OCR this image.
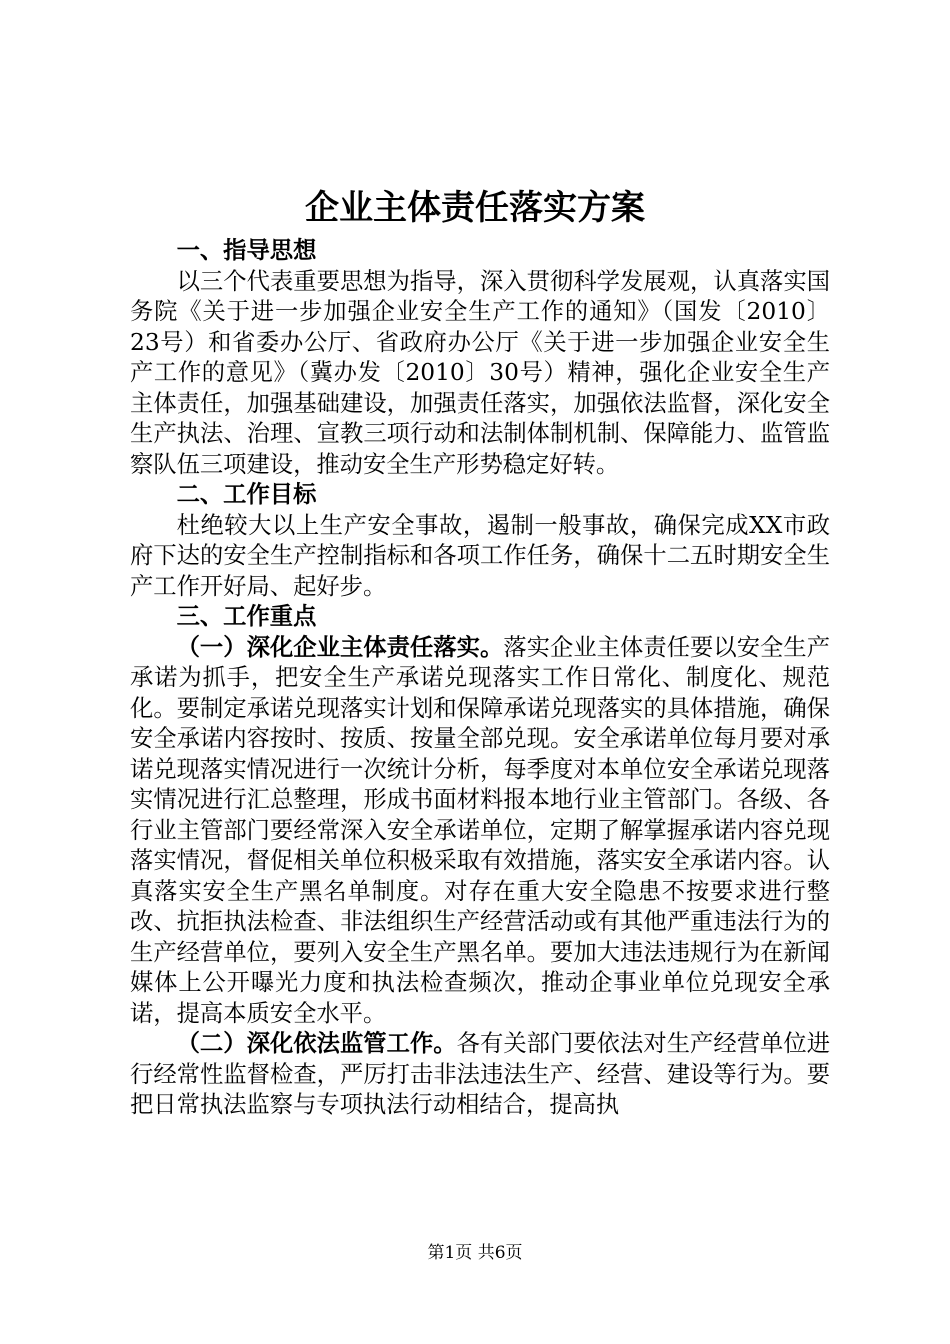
企业主体责任落实方案

一、指导思想

以三个代表重要思想为指导，深入贯彻科学发展观，认真落实国务院《关于进一步加强企业安全生产工作的通知》（国发〔2010〕23号）和省委办公厅、省政府办公厅《关于进一步加强企业安全生产工作的意见》（冀办发〔2010〕30号）精神，强化企业安全生产主体责任，加强基础建设，加强责任落实，加强依法监督，深化安全生产执法、治理、宣教三项行动和法制体制机制、保障能力、监管监察队伍三项建设，推动安全生产形势稳定好转。

二、工作目标

杜绝较大以上生产安全事故，遏制一般事故，确保完成XX市政府下达的安全生产控制指标和各项工作任务，确保十二五时期安全生产工作开好局、起好步。

三、工作重点

（一）深化企业主体责任落实。落实企业主体责任要以安全生产承诺为抓手，把安全生产承诺兑现落实工作日常化、制度化、规范化。要制定承诺兑现落实计划和保障承诺兑现落实的具体措施，确保安全承诺内容按时、按质、按量全部兑现。安全承诺单位每月要对承诺兑现落实情况进行一次统计分析，每季度对本单位安全承诺兑现落实情况进行汇总整理，形成书面材料报本地行业主管部门。各级、各行业主管部门要经常深入安全承诺单位，定期了解掌握承诺内容兑现落实情况，督促相关单位积极采取有效措施，落实安全承诺内容。认真落实安全生产黑名单制度。对存在重大安全隐患不按要求进行整改、抗拒执法检查、非法组织生产经营活动或有其他严重违法行为的生产经营单位，要列入安全生产黑名单。要加大违法违规行为在新闻媒体上公开曝光力度和执法检查频次，推动企事业单位兑现安全承诺，提高本质安全水平。

（二）深化依法监管工作。各有关部门要依法对生产经营单位进行经常性监督检查，严厉打击非法违法生产、经营、建设等行为。要把日常执法监察与专项执法行动相结合，提高执

第1页 共6页
